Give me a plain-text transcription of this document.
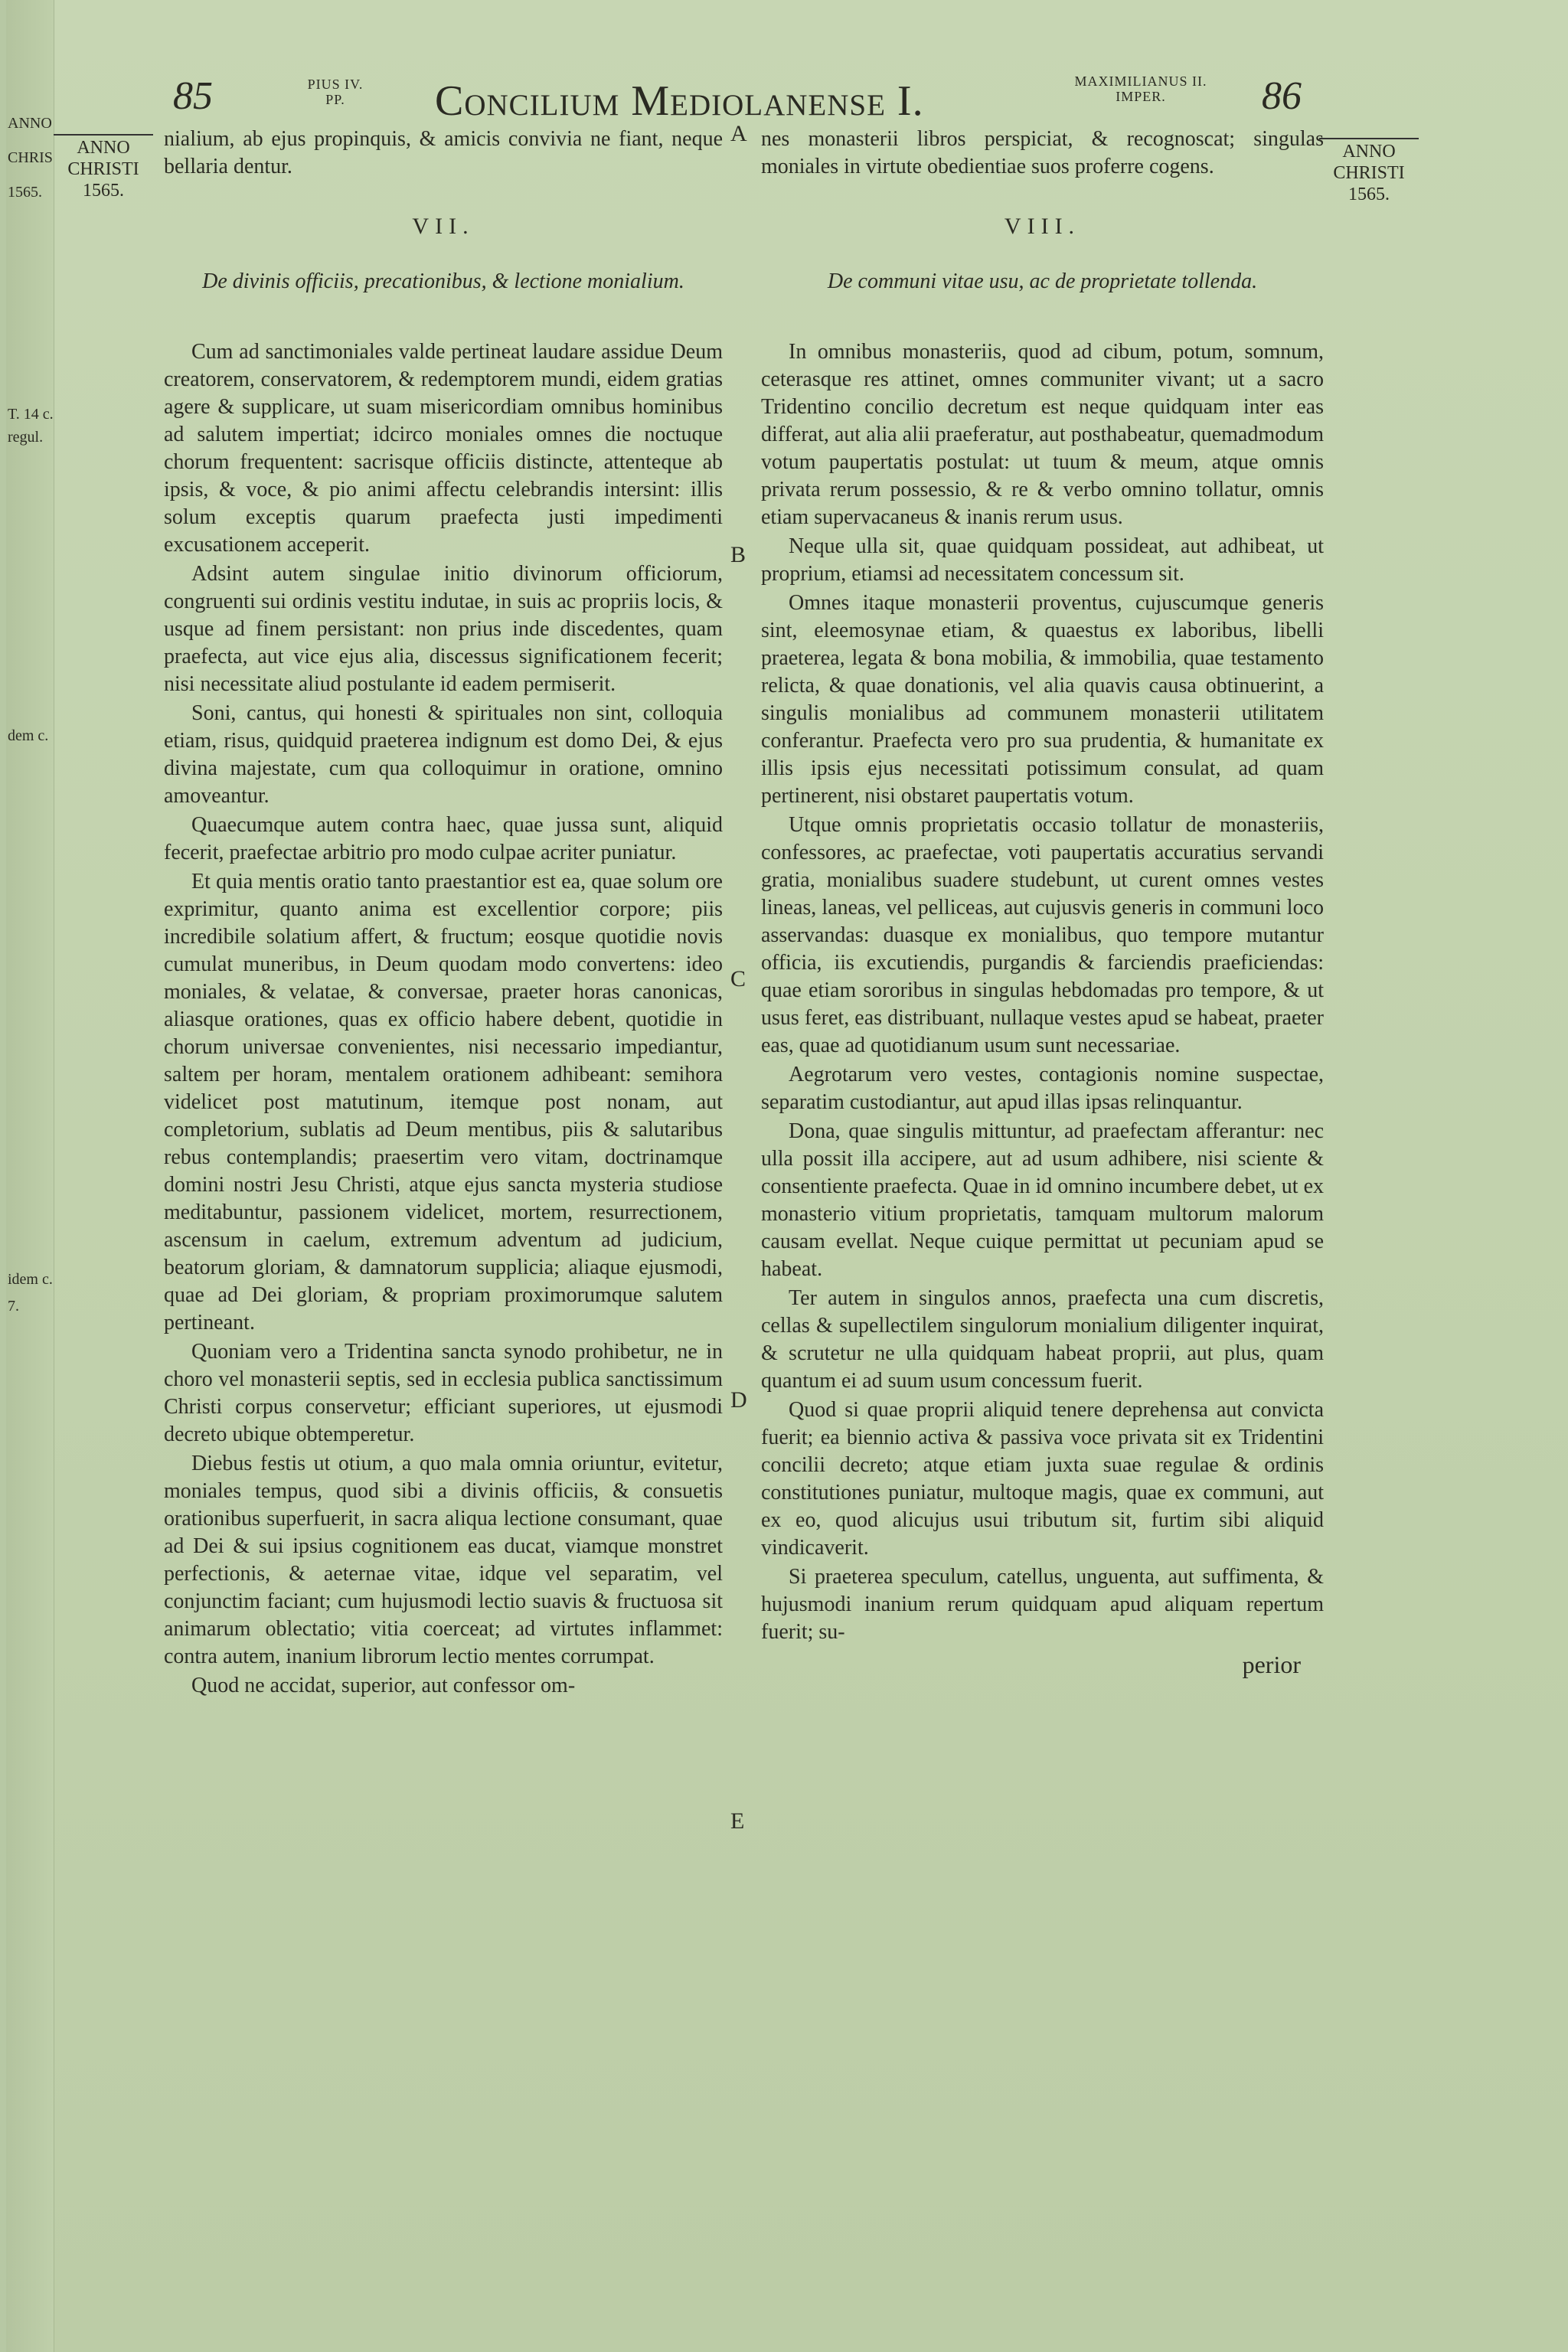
ANNO
CHRIS
1565.
T. 14 c.
regul.
dem c.
idem c.
7.
85	PIUS IV.
PP.	Concilium Mediolanense I.	MAXIMILIANUS II.
IMPER.	86
ANNO
CHRISTI
1565.
ANNO
CHRISTI
1565.
A
B
C
D
E

nialium, ab ejus propinquis, & amicis convivia ne fiant, neque bellaria dentur.

VII.
De divinis officiis, precationibus, & lectione monialium.

Cum ad sanctimoniales valde pertineat laudare assidue Deum creatorem, conservatorem, & redemptorem mundi, eidem gratias agere & supplicare, ut suam misericordiam omnibus hominibus ad salutem impertiat; idcirco moniales omnes die noctuque chorum frequentent: sacrisque officiis distincte, attenteque ab ipsis, & voce, & pio animi affectu celebrandis intersint: illis solum exceptis quarum praefecta justi impedimenti excusationem acceperit.

Adsint autem singulae initio divinorum officiorum, congruenti sui ordinis vestitu indutae, in suis ac propriis locis, & usque ad finem persistant: non prius inde discedentes, quam praefecta, aut vice ejus alia, discessus significationem fecerit; nisi necessitate aliud postulante id eadem permiserit.

Soni, cantus, qui honesti & spirituales non sint, colloquia etiam, risus, quidquid praeterea indignum est domo Dei, & ejus divina majestate, cum qua colloquimur in oratione, omnino amoveantur.

Quaecumque autem contra haec, quae jussa sunt, aliquid fecerit, praefectae arbitrio pro modo culpae acriter puniatur.

Et quia mentis oratio tanto praestantior est ea, quae solum ore exprimitur, quanto anima est excellentior corpore; piis incredibile solatium affert, & fructum; eosque quotidie novis cumulat muneribus, in Deum quodam modo convertens: ideo moniales, & velatae, & conversae, praeter horas canonicas, aliasque orationes, quas ex officio habere debent, quotidie in chorum universae convenientes, nisi necessario impediantur, saltem per horam, mentalem orationem adhibeant: semihora videlicet post matutinum, itemque post nonam, aut completorium, sublatis ad Deum mentibus, piis & salutaribus rebus contemplandis; praesertim vero vitam, doctrinamque domini nostri Jesu Christi, atque ejus sancta mysteria studiose meditabuntur, passionem videlicet, mortem, resurrectionem, ascensum in caelum, extremum adventum ad judicium, beatorum gloriam, & damnatorum supplicia; aliaque ejusmodi, quae ad Dei gloriam, & propriam proximorumque salutem pertineant.

Quoniam vero a Tridentina sancta synodo prohibetur, ne in choro vel monasterii septis, sed in ecclesia publica sanctissimum Christi corpus conservetur; efficiant superiores, ut ejusmodi decreto ubique obtemperetur.

Diebus festis ut otium, a quo mala omnia oriuntur, evitetur, moniales tempus, quod sibi a divinis officiis, & consuetis orationibus superfuerit, in sacra aliqua lectione consumant, quae ad Dei & sui ipsius cognitionem eas ducat, viamque monstret perfectionis, & aeternae vitae, idque vel separatim, vel conjunctim faciant; cum hujusmodi lectio suavis & fructuosa sit animarum oblectatio; vitia coerceat; ad virtutes inflammet: contra autem, inanium librorum lectio mentes corrumpat.

Quod ne accidat, superior, aut confessor om-

nes monasterii libros perspiciat, & recognoscat; singulas moniales in virtute obedientiae suos proferre cogens.

VIII.
De communi vitae usu, ac de proprietate tollenda.

In omnibus monasteriis, quod ad cibum, potum, somnum, ceterasque res attinet, omnes communiter vivant; ut a sacro Tridentino concilio decretum est neque quidquam inter eas differat, aut alia alii praeferatur, aut posthabeatur, quemadmodum votum paupertatis postulat: ut tuum & meum, atque omnis privata rerum possessio, & re & verbo omnino tollatur, omnis etiam supervacaneus & inanis rerum usus.

Neque ulla sit, quae quidquam possideat, aut adhibeat, ut proprium, etiamsi ad necessitatem concessum sit.

Omnes itaque monasterii proventus, cujuscumque generis sint, eleemosynae etiam, & quaestus ex laboribus, libelli praeterea, legata & bona mobilia, & immobilia, quae testamento relicta, & quae donationis, vel alia quavis causa obtinuerint, a singulis monialibus ad communem monasterii utilitatem conferantur. Praefecta vero pro sua prudentia, & humanitate ex illis ipsis ejus necessitati potissimum consulat, ad quam pertinerent, nisi obstaret paupertatis votum.

Utque omnis proprietatis occasio tollatur de monasteriis, confessores, ac praefectae, voti paupertatis accuratius servandi gratia, monialibus suadere studebunt, ut curent omnes vestes lineas, laneas, vel pelliceas, aut cujusvis generis in communi loco asservandas: duasque ex monialibus, quo tempore mutantur officia, iis excutiendis, purgandis & farciendis praeficiendas: quae etiam sororibus in singulas hebdomadas pro tempore, & ut usus feret, eas distribuant, nullaque vestes apud se habeat, praeter eas, quae ad quotidianum usum sunt necessariae.

Aegrotarum vero vestes, contagionis nomine suspectae, separatim custodiantur, aut apud illas ipsas relinquantur.

Dona, quae singulis mittuntur, ad praefectam afferantur: nec ulla possit illa accipere, aut ad usum adhibere, nisi sciente & consentiente praefecta. Quae in id omnino incumbere debet, ut ex monasterio vitium proprietatis, tamquam multorum malorum causam evellat. Neque cuique permittat ut pecuniam apud se habeat.

Ter autem in singulos annos, praefecta una cum discretis, cellas & supellectilem singulorum monialium diligenter inquirat, & scrutetur ne ulla quidquam habeat proprii, aut plus, quam quantum ei ad suum usum concessum fuerit.

Quod si quae proprii aliquid tenere deprehensa aut convicta fuerit; ea biennio activa & passiva voce privata sit ex Tridentini concilii decreto; atque etiam juxta suae regulae & ordinis constitutiones puniatur, multoque magis, quae ex communi, aut ex eo, quod alicujus usui tributum sit, furtim sibi aliquid vindicaverit.

Si praeterea speculum, catellus, unguenta, aut suffimenta, & hujusmodi inanium rerum quidquam apud aliquam repertum fuerit; su-

perior
